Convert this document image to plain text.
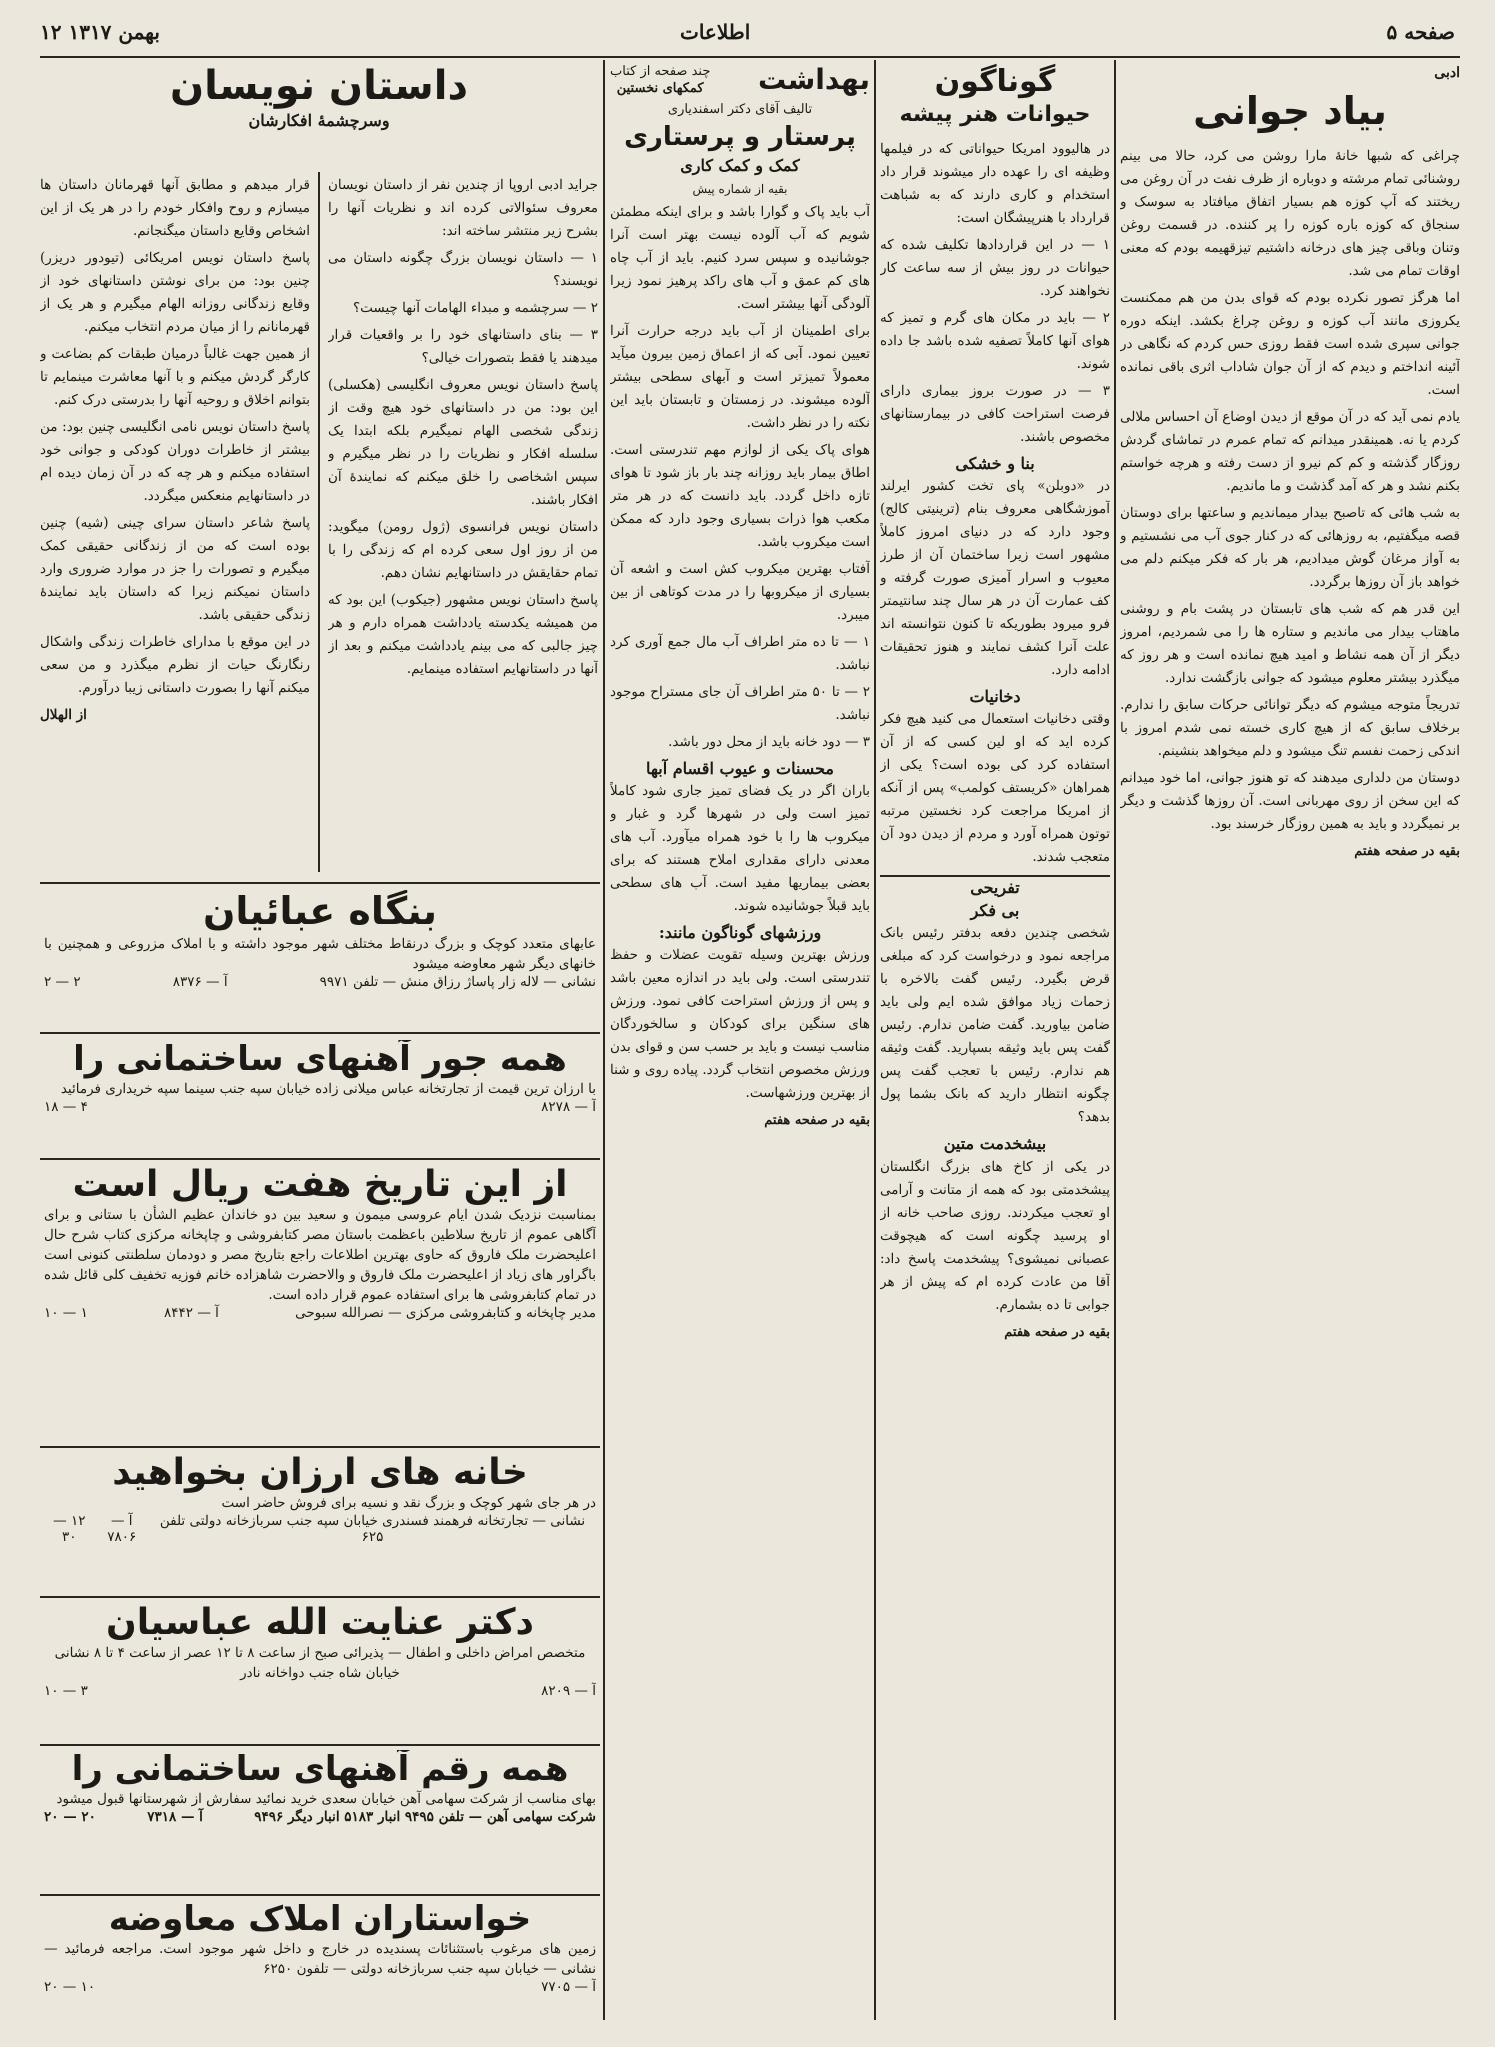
صفحه ۵
اطلاعات
۱۲ بهمن ۱۳۱۷
ادبی
بیاد جوانی

چراغی که شبها خانهٔ مارا روشن می کرد، حالا می بینم روشنائی تمام مرشته و دوباره از ظرف نفت در آن روغن می ریختند که آپ کوزه هم بسیار اتفاق میافتاد به سوسک و سنجاق که کوزه باره کوزه را پر کننده. در قسمت روغن وتنان وباقی چیز های درخانه داشتیم تیزقهیمه بودم که معنی اوقات تمام می شد.

اما هرگز تصور نکرده بودم که قوای بدن من هم ممکنست یکروزی مانند آب کوزه و روغن چراغ بکشد. اینکه دوره جوانی سپری شده است فقط روزی حس کردم که نگاهی در آئینه انداختم و دیدم که از آن جوان شاداب اثری باقی نمانده است.

یادم نمی آید که در آن موقع از دیدن اوضاع آن احساس ملالی کردم یا نه. همینقدر میدانم که تمام عمرم در تماشای گردش روزگار گذشته و کم کم نیرو از دست رفته و هرچه خواستم بکنم نشد و هر که آمد گذشت و ما ماندیم.

به شب هائی که تاصبح بیدار میماندیم و ساعتها برای دوستان قصه میگفتیم، به روزهائی که در کنار جوی آب می نشستیم و به آواز مرغان گوش میدادیم، هر بار که فکر میکنم دلم می خواهد باز آن روزها برگردد.

این قدر هم که شب های تابستان در پشت بام و روشنی ماهتاب بیدار می ماندیم و ستاره ها را می شمردیم، امروز دیگر از آن همه نشاط و امید هیچ نمانده است و هر روز که میگذرد بیشتر معلوم میشود که جوانی بازگشت ندارد.

تدریجاً متوجه میشوم که دیگر توانائی حرکات سابق را ندارم. برخلاف سابق که از هیچ کاری خسته نمی شدم امروز با اندکی زحمت نفسم تنگ میشود و دلم میخواهد بنشینم.

دوستان من دلداری میدهند که تو هنوز جوانی، اما خود میدانم که این سخن از روی مهربانی است. آن روزها گذشت و دیگر بر نمیگردد و باید به همین روزگار خرسند بود.

بقیه در صفحه هفتم
گوناگون
حیوانات هنر پیشه

در هالیوود امریکا حیواناتی که در فیلمها وظیفه ای را عهده دار میشوند قرار داد استخدام و کاری دارند که به شباهت قرارداد با هنرپیشگان است:

۱ — در این قراردادها تکلیف شده که حیوانات در روز بیش از سه ساعت کار نخواهند کرد.

۲ — باید در مکان های گرم و تمیز که هوای آنها کاملاً تصفیه شده باشد جا داده شوند.

۳ — در صورت بروز بیماری دارای فرصت استراحت کافی در بیمارستانهای مخصوص باشند.

بنا و خشکی

در «دوبلن» پای تخت کشور ایرلند آموزشگاهی معروف بنام (ترینیتی کالج) وجود دارد که در دنیای امروز کاملاً مشهور است زیرا ساختمان آن از طرز معیوب و اسرار آمیزی صورت گرفته و کف عمارت آن در هر سال چند سانتیمتر فرو میرود بطوریکه تا کنون نتوانسته اند علت آنرا کشف نمایند و هنوز تحقیقات ادامه دارد.

دخانیات

وقتی دخانیات استعمال می کنید هیچ فکر کرده اید که او لین کسی که از آن استفاده کرد کی بوده است؟ یکی از همراهان «کریستف کولمب» پس از آنکه از امریکا مراجعت کرد نخستین مرتبه توتون همراه آورد و مردم از دیدن دود آن متعجب شدند.

تفریحی
بی فکر

شخصی چندین دفعه بدفتر رئیس بانک مراجعه نمود و درخواست کرد که مبلغی قرض بگیرد. رئیس گفت بالاخره با زحمات زیاد موافق شده ایم ولی باید ضامن بیاورید. گفت ضامن ندارم. رئیس گفت پس باید وثیقه بسپارید. گفت وثیقه هم ندارم. رئیس با تعجب گفت پس چگونه انتظار دارید که بانک بشما پول بدهد؟

بیشخدمت متین

در یکی از کاخ های بزرگ انگلستان پیشخدمتی بود که همه از متانت و آرامی او تعجب میکردند. روزی صاحب خانه از او پرسید چگونه است که هیچوقت عصبانی نمیشوی؟ پیشخدمت پاسخ داد: آقا من عادت کرده ام که پیش از هر جوابی تا ده بشمارم.

بقیه در صفحه هفتم
بهداشت
چند صفحه از کتاب
کمکهای نخستین
تالیف آقای دکتر اسفندیاری
پرستار و پرستاری
کمک و کمک کاری
بقیه از شماره پیش

آب باید پاک و گوارا باشد و برای اینکه مطمئن شویم که آب آلوده نیست بهتر است آنرا جوشانیده و سپس سرد کنیم. باید از آب چاه های کم عمق و آب های راکد پرهیز نمود زیرا آلودگی آنها بیشتر است.

برای اطمینان از آب باید درجه حرارت آنرا تعیین نمود. آبی که از اعماق زمین بیرون میآید معمولاً تمیزتر است و آبهای سطحی بیشتر آلوده میشوند. در زمستان و تابستان باید این نکته را در نظر داشت.

هوای پاک یکی از لوازم مهم تندرستی است. اطاق بیمار باید روزانه چند بار باز شود تا هوای تازه داخل گردد. باید دانست که در هر متر مکعب هوا ذرات بسیاری وجود دارد که ممکن است میکروب باشد.

آفتاب بهترین میکروب کش است و اشعه آن بسیاری از میکروبها را در مدت کوتاهی از بین میبرد.

۱ — تا ده متر اطراف آب مال جمع آوری کرد نباشد.

۲ — تا ۵۰ متر اطراف آن جای مستراح موجود نباشد.

۳ — دود خانه باید از محل دور باشد.

محسنات و عیوب اقسام آبها

باران اگر در یک فضای تمیز جاری شود کاملاً تمیز است ولی در شهرها گرد و غبار و میکروب ها را با خود همراه میآورد. آب های معدنی دارای مقداری املاح هستند که برای بعضی بیماریها مفید است. آب های سطحی باید قبلاً جوشانیده شوند.

ورزشهای گوناگون مانند:

ورزش بهترین وسیله تقویت عضلات و حفظ تندرستی است. ولی باید در اندازه معین باشد و پس از ورزش استراحت کافی نمود. ورزش های سنگین برای کودکان و سالخوردگان مناسب نیست و باید بر حسب سن و قوای بدن ورزش مخصوص انتخاب گردد. پیاده روی و شنا از بهترین ورزشهاست.

بقیه در صفحه هفتم
داستان نویسان
وسرچشمهٔ افکارشان

قرار میدهم و مطابق آنها قهرمانان داستان ها میسازم و روح وافکار خودم را در هر یک از این اشخاص وقایع داستان میگنجانم.

پاسخ داستان نویس امریکائی (تیودور دریزر) چنین بود: من برای نوشتن داستانهای خود از وقایع زندگانی روزانه الهام میگیرم و هر یک از قهرمانانم را از میان مردم انتخاب میکنم.

از همین جهت غالباً درمیان طبقات کم بضاعت و کارگر گردش میکنم و با آنها معاشرت مینمایم تا بتوانم اخلاق و روحیه آنها را بدرستی درک کنم.

پاسخ داستان نویس نامی انگلیسی چنین بود: من بیشتر از خاطرات دوران کودکی و جوانی خود استفاده میکنم و هر چه که در آن زمان دیده ام در داستانهایم منعکس میگردد.

پاسخ شاعر داستان سرای چینی (شیه) چنین بوده است که من از زندگانی حقیقی کمک میگیرم و تصورات را جز در موارد ضروری وارد داستان نمیکنم زیرا که داستان باید نمایندهٔ زندگی حقیقی باشد.

در این موقع با مدارای خاطرات زندگی واشکال رنگارنگ حیات از نظرم میگذرد و من سعی میکنم آنها را بصورت داستانی زیبا درآورم.

از الهلال

جراید ادبی اروپا از چندین نفر از داستان نویسان معروف سئوالاتی کرده اند و نظریات آنها را بشرح زیر منتشر ساخته اند:

۱ — داستان نویسان بزرگ چگونه داستان می نویسند؟

۲ — سرچشمه و مبداء الهامات آنها چیست؟

۳ — بنای داستانهای خود را بر واقعیات قرار میدهند یا فقط بتصورات خیالی؟

پاسخ داستان نویس معروف انگلیسی (هکسلی) این بود: من در داستانهای خود هیچ وقت از زندگی شخصی الهام نمیگیرم بلکه ابتدا یک سلسله افکار و نظریات را در نظر میگیرم و سپس اشخاصی را خلق میکنم که نمایندهٔ آن افکار باشند.

داستان نویس فرانسوی (ژول رومن) میگوید: من از روز اول سعی کرده ام که زندگی را با تمام حقایقش در داستانهایم نشان دهم.

پاسخ داستان نویس مشهور (جیکوب) این بود که من همیشه یکدسته یادداشت همراه دارم و هر چیز جالبی که می بینم یادداشت میکنم و بعد از آنها در داستانهایم استفاده مینمایم.

بنگاه عبائیان
عابهای متعدد کوچک و بزرگ درنقاط مختلف شهر موجود داشته و با املاک مزروعی و همچنین با خانهای دیگر شهر معاوضه میشود
نشانی — لاله زار پاساژ رزاق منش — تلفن ۹۹۷۱
آ — ۸۳۷۶
۲ — ۲
همه جور آهنهای ساختمانی را
با ارزان ترین قیمت از تجارتخانه عباس میلانی زاده خیابان سپه جنب سینما سپه خریداری فرمائید
آ — ۸۲۷۸
۴ — ۱۸
از این تاریخ هفت ریال است
بمناسبت نزدیک شدن ایام عروسی میمون و سعید بین دو خاندان عظیم الشأن با ستانی و برای آگاهی عموم از تاریخ سلاطین باعظمت باستان مصر کتابفروشی و چاپخانه مرکزی کتاب شرح حال اعلیحضرت ملک فاروق که حاوی بهترین اطلاعات راجع بتاریخ مصر و دودمان سلطنتی کنونی است باگراور های زیاد از اعلیحضرت ملک فاروق و والاحضرت شاهزاده خانم فوزیه تخفیف کلی قائل شده در تمام کتابفروشی ها برای استفاده عموم قرار داده است.
مدیر چاپخانه و کتابفروشی مرکزی — نصرالله سبوحی
آ — ۸۴۴۲
۱ — ۱۰
خانه های ارزان بخواهید
در هر جای شهر کوچک و بزرگ نقد و نسیه برای فروش حاضر است
نشانی — تجارتخانه فرهمند فسندری خیابان سپه جنب سربازخانه دولتی تلفن ۶۲۵
آ — ۷۸۰۶
۱۲ — ۳۰
دکتر عنایت الله عباسیان
متخصص امراض داخلی و اطفال — پذیرائی صبح از ساعت ۸ تا ۱۲ عصر از ساعت ۴ تا ۸ نشانی خیابان شاه جنب دواخانه نادر
آ — ۸۲۰۹
۳ — ۱۰
همه رقم آهنهای ساختمانی را
بهای مناسب از شرکت سهامی آهن خیابان سعدی خرید نمائید سفارش از شهرستانها قبول میشود
شرکت سهامی آهن — تلفن ۹۴۹۵ انبار ۵۱۸۳ انبار دیگر ۹۴۹۶
آ — ۷۳۱۸
۲۰ — ۲۰
خواستاران املاک معاوضه
زمین های مرغوب باستثنائات پسندیده در خارج و داخل شهر موجود است. مراجعه فرمائید — نشانی — خیابان سپه جنب سربازخانه دولتی — تلفون ۶۲۵۰
آ — ۷۷۰۵
۱۰ — ۲۰
